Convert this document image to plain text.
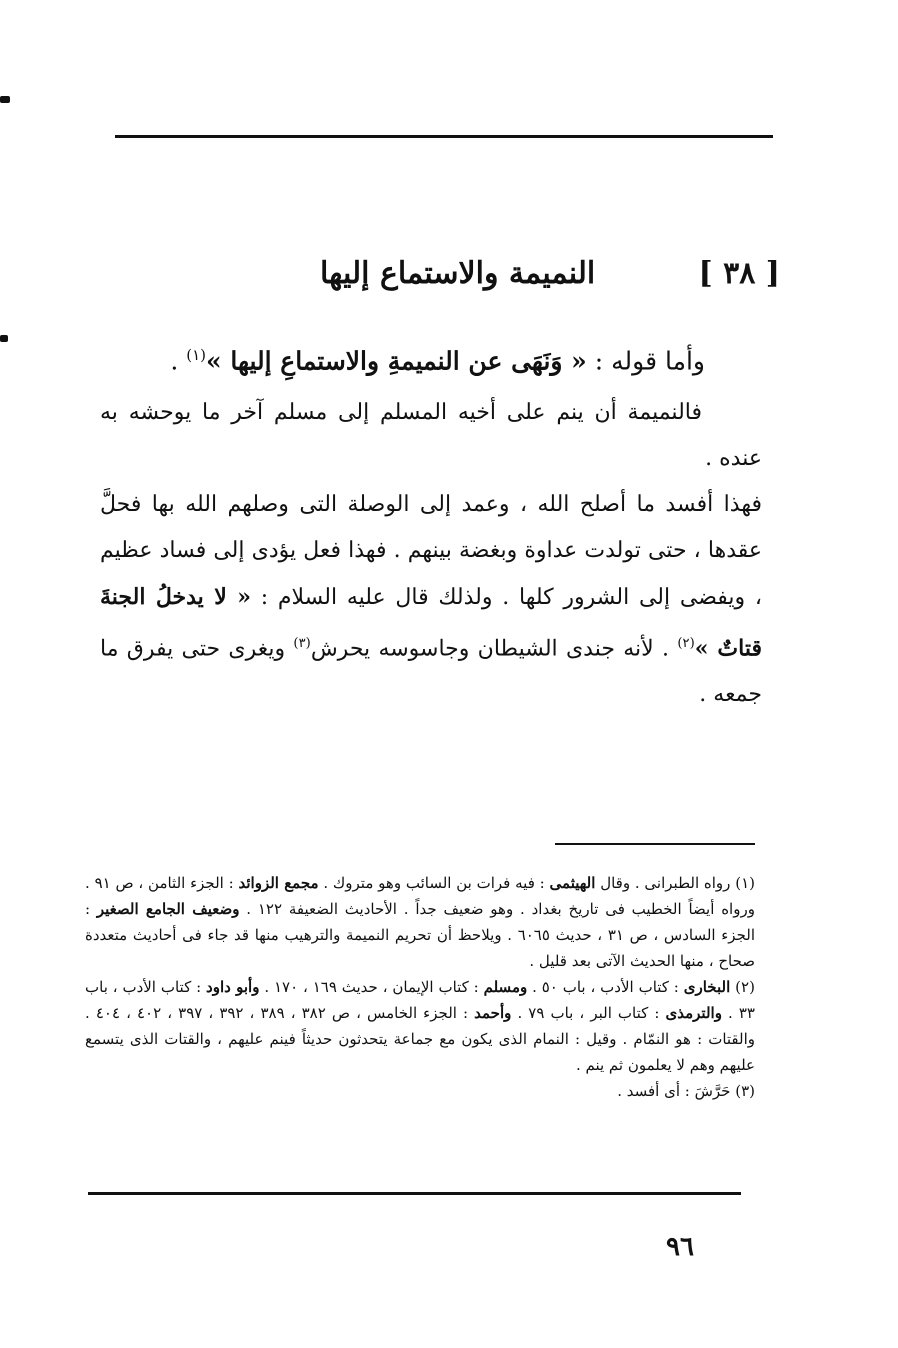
[ ٣٨ ]
النميمة والاستماع إليها
وأما قوله : « وَنَهَى عن النميمةِ والاستماعِ إليها »$^{(١)}$ .

فالنميمة أن ينم على أخيه المسلم إلى مسلم آخر ما يوحشه به عنده .

فهذا أفسد ما أصلح الله ، وعمد إلى الوصلة التى وصلهم الله بها فحلَّ عقدها ، حتى تولدت عداوة وبغضة بينهم . فهذا فعل يؤدى إلى فساد عظيم ، ويفضى إلى الشرور كلها . ولذلك قال عليه السلام : « لا يدخلُ الجنةَ قتاتٌ »$^{(٢)}$ . لأنه جندى الشيطان وجاسوسه يحرش$^{(٣)}$ ويغرى حتى يفرق ما جمعه .

(١) رواه الطبرانى . وقال الهيثمى : فيه فرات بن السائب وهو متروك . مجمع الزوائد : الجزء الثامن ، ص ٩١ . ورواه أيضاً الخطيب فى تاريخ بغداد . وهو ضعيف جداً . الأحاديث الضعيفة ١٢٢ . وضعيف الجامع الصغير : الجزء السادس ، ص ٣١ ، حديث ٦٠٦٥ . ويلاحظ أن تحريم النميمة والترهيب منها قد جاء فى أحاديث متعددة صحاح ، منها الحديث الآتى بعد قليل .

(٢) البخارى : كتاب الأدب ، باب ٥٠ . ومسلم : كتاب الإيمان ، حديث ١٦٩ ، ١٧٠ . وأبو داود : كتاب الأدب ، باب ٣٣ . والترمذى : كتاب البر ، باب ٧٩ . وأحمد : الجزء الخامس ، ص ٣٨٢ ، ٣٨٩ ، ٣٩٢ ، ٣٩٧ ، ٤٠٢ ، ٤٠٤ . والقتات : هو النمّام . وقيل : النمام الذى يكون مع جماعة يتحدثون حديثاً فينم عليهم ، والقتات الذى يتسمع عليهم وهم لا يعلمون ثم ينم .

(٣) حَرَّشَ : أى أفسد .

٩٦
